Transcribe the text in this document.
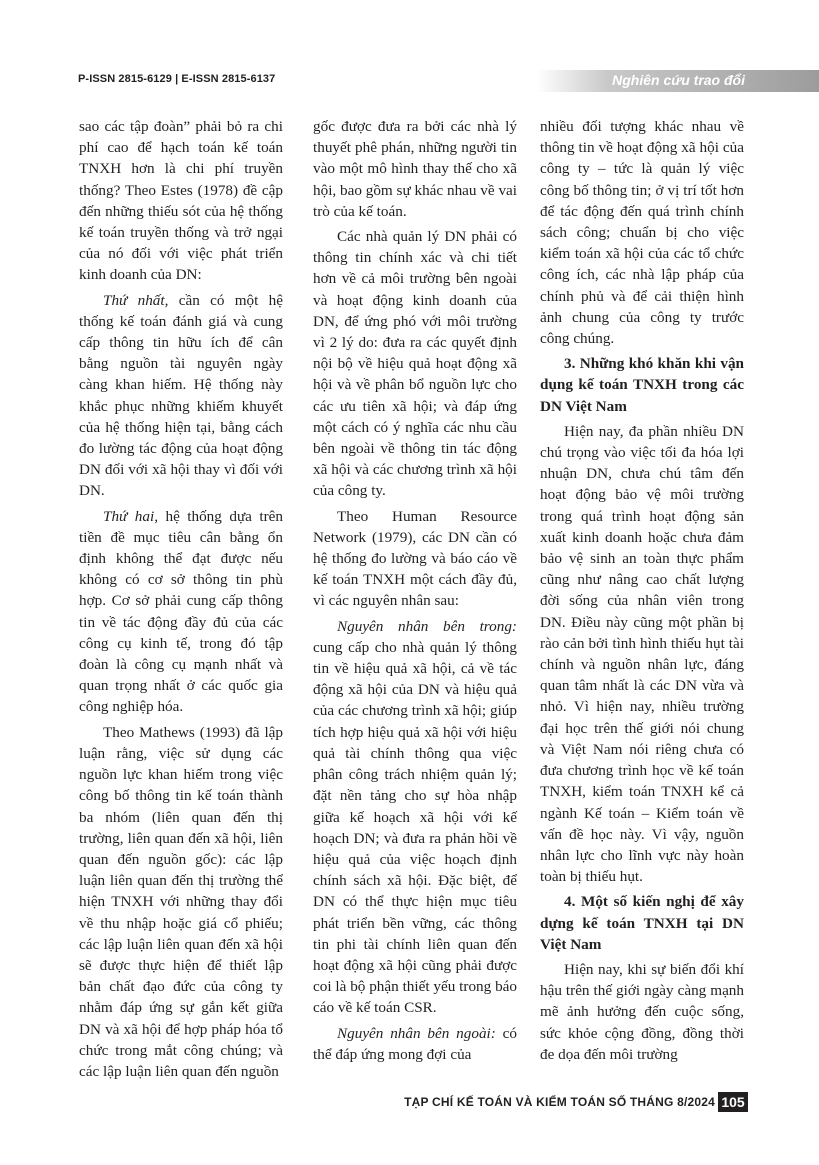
P-ISSN 2815-6129 | E-ISSN 2815-6137	Nghiên cứu trao đổi

sao các tập đoàn” phải bỏ ra chi phí cao để hạch toán kế toán TNXH hơn là chi phí truyền thống? Theo Estes (1978) đề cập đến những thiếu sót của hệ thống kế toán truyền thống và trở ngại của nó đối với việc phát triển kinh doanh của DN:

Thứ nhất, cần có một hệ thống kế toán đánh giá và cung cấp thông tin hữu ích để cân bằng nguồn tài nguyên ngày càng khan hiếm. Hệ thống này khắc phục những khiếm khuyết của hệ thống hiện tại, bằng cách đo lường tác động của hoạt động DN đối với xã hội thay vì đối với DN.

Thứ hai, hệ thống dựa trên tiền đề mục tiêu cân bằng ổn định không thể đạt được nếu không có cơ sở thông tin phù hợp. Cơ sở phải cung cấp thông tin về tác động đầy đủ của các công cụ kinh tế, trong đó tập đoàn là công cụ mạnh nhất và quan trọng nhất ở các quốc gia công nghiệp hóa.

Theo Mathews (1993) đã lập luận rằng, việc sử dụng các nguồn lực khan hiếm trong việc công bố thông tin kế toán thành ba nhóm (liên quan đến thị trường, liên quan đến xã hội, liên quan đến nguồn gốc): các lập luận liên quan đến thị trường thể hiện TNXH với những thay đổi về thu nhập hoặc giá cổ phiếu; các lập luận liên quan đến xã hội sẽ được thực hiện để thiết lập bản chất đạo đức của công ty nhằm đáp ứng sự gắn kết giữa DN và xã hội để hợp pháp hóa tổ chức trong mắt công chúng; và các lập luận liên quan đến nguồn

gốc được đưa ra bởi các nhà lý thuyết phê phán, những người tin vào một mô hình thay thế cho xã hội, bao gồm sự khác nhau về vai trò của kế toán.

Các nhà quản lý DN phải có thông tin chính xác và chi tiết hơn về cả môi trường bên ngoài và hoạt động kinh doanh của DN, để ứng phó với môi trường vì 2 lý do: đưa ra các quyết định nội bộ về hiệu quả hoạt động xã hội và về phân bổ nguồn lực cho các ưu tiên xã hội; và đáp ứng một cách có ý nghĩa các nhu cầu bên ngoài về thông tin tác động xã hội và các chương trình xã hội của công ty.

Theo Human Resource Network (1979), các DN cần có hệ thống đo lường và báo cáo về kế toán TNXH một cách đầy đủ, vì các nguyên nhân sau:

Nguyên nhân bên trong: cung cấp cho nhà quản lý thông tin về hiệu quả xã hội, cả về tác động xã hội của DN và hiệu quả của các chương trình xã hội; giúp tích hợp hiệu quả xã hội với hiệu quả tài chính thông qua việc phân công trách nhiệm quản lý; đặt nền tảng cho sự hòa nhập giữa kế hoạch xã hội với kế hoạch DN; và đưa ra phản hồi về hiệu quả của việc hoạch định chính sách xã hội. Đặc biệt, để DN có thể thực hiện mục tiêu phát triển bền vững, các thông tin phi tài chính liên quan đến hoạt động xã hội cũng phải được coi là bộ phận thiết yếu trong báo cáo về kế toán CSR.

Nguyên nhân bên ngoài: có thể đáp ứng mong đợi của

nhiều đối tượng khác nhau về thông tin về hoạt động xã hội của công ty – tức là quản lý việc công bố thông tin; ở vị trí tốt hơn để tác động đến quá trình chính sách công; chuẩn bị cho việc kiểm toán xã hội của các tổ chức công ích, các nhà lập pháp của chính phủ và để cải thiện hình ảnh chung của công ty trước công chúng.

3. Những khó khăn khi vận dụng kế toán TNXH trong các DN Việt Nam

Hiện nay, đa phần nhiều DN chú trọng vào việc tối đa hóa lợi nhuận DN, chưa chú tâm đến hoạt động bảo vệ môi trường trong quá trình hoạt động sản xuất kinh doanh hoặc chưa đảm bảo vệ sinh an toàn thực phẩm cũng như nâng cao chất lượng đời sống của nhân viên trong DN. Điều này cũng một phần bị rào cản bởi tình hình thiếu hụt tài chính và nguồn nhân lực, đáng quan tâm nhất là các DN vừa và nhỏ. Vì hiện nay, nhiều trường đại học trên thế giới nói chung và Việt Nam nói riêng chưa có đưa chương trình học về kế toán TNXH, kiểm toán TNXH kể cả ngành Kế toán – Kiểm toán về vấn đề học này. Vì vậy, nguồn nhân lực cho lĩnh vực này hoàn toàn bị thiếu hụt.

4. Một số kiến nghị để xây dựng kế toán TNXH tại DN Việt Nam

Hiện nay, khi sự biến đổi khí hậu trên thế giới ngày càng mạnh mẽ ảnh hưởng đến cuộc sống, sức khỏe cộng đồng, đồng thời đe dọa đến môi trường

TẠP CHÍ KẾ TOÁN VÀ KIỂM TOÁN SỐ THÁNG 8/2024 105
